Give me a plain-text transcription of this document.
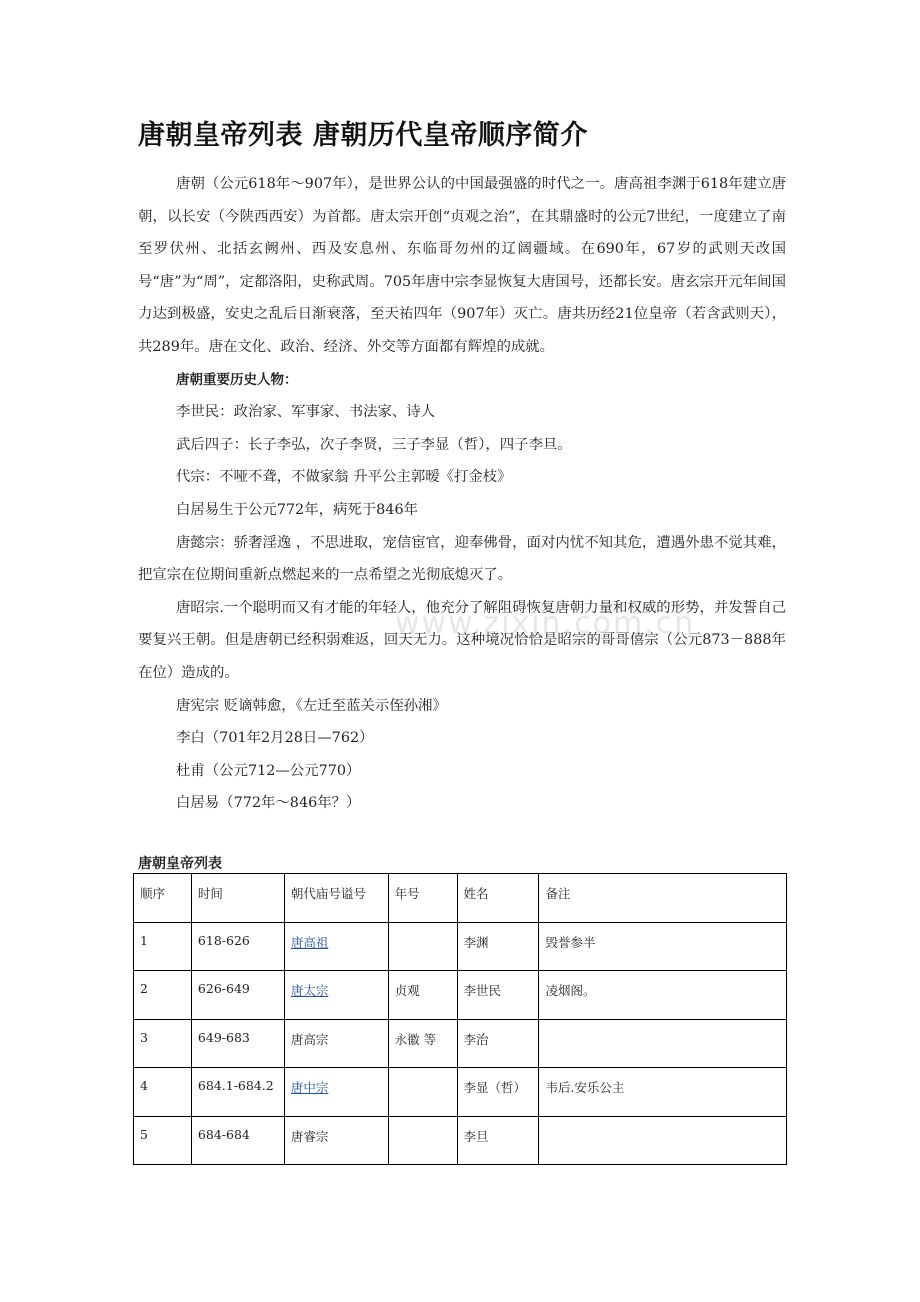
唐朝皇帝列表 唐朝历代皇帝顺序简介

唐朝（公元618年～907年），是世界公认的中国最强盛的时代之一。唐高祖李渊于618年建立唐朝，以长安（今陕西西安）为首都。唐太宗开创“贞观之治”，在其鼎盛时的公元7世纪，一度建立了南至罗伏州、北括玄阙州、西及安息州、东临哥勿州的辽阔疆域。在690年，67岁的武则天改国号“唐”为“周”，定都洛阳，史称武周。705年唐中宗李显恢复大唐国号，还都长安。唐玄宗开元年间国力达到极盛，安史之乱后日渐衰落，至天祐四年（907年）灭亡。唐共历经21位皇帝（若含武则天），共289年。唐在文化、政治、经济、外交等方面都有辉煌的成就。

唐朝重要历史人物：

李世民：政治家、军事家、书法家、诗人

武后四子：长子李弘，次子李贤，三子李显（哲），四子李旦。

代宗：不哑不聋，不做家翁 升平公主郭暧《打金枝》

白居易生于公元772年，病死于846年

唐懿宗：骄奢淫逸 ，不思进取，宠信宦官，迎奉佛骨，面对内忧不知其危，遭遇外患不觉其难，把宣宗在位期间重新点燃起来的一点希望之光彻底熄灭了。

唐昭宗.一个聪明而又有才能的年轻人，他充分了解阻碍恢复唐朝力量和权威的形势，并发誓自己要复兴王朝。但是唐朝已经积弱难返，回天无力。这种境况恰恰是昭宗的哥哥僖宗（公元873－888年在位）造成的。

唐宪宗 贬谪韩愈，《左迁至蓝关示侄孙湘》

李白（701年2月28日—762）

杜甫（公元712—公元770）

白居易（772年～846年？）

www.zixin.com.cn
唐朝皇帝列表
顺序	时间	朝代庙号谥号	年号	姓名	备注
1	618-626	唐高祖		李渊	毁誉参半
2	626-649	唐太宗	贞观	李世民	凌烟阁。
3	649-683	唐高宗	永徽 等	李治	
4	684.1-684.2	唐中宗		李显（哲）	韦后.安乐公主
5	684-684	唐睿宗		李旦	
